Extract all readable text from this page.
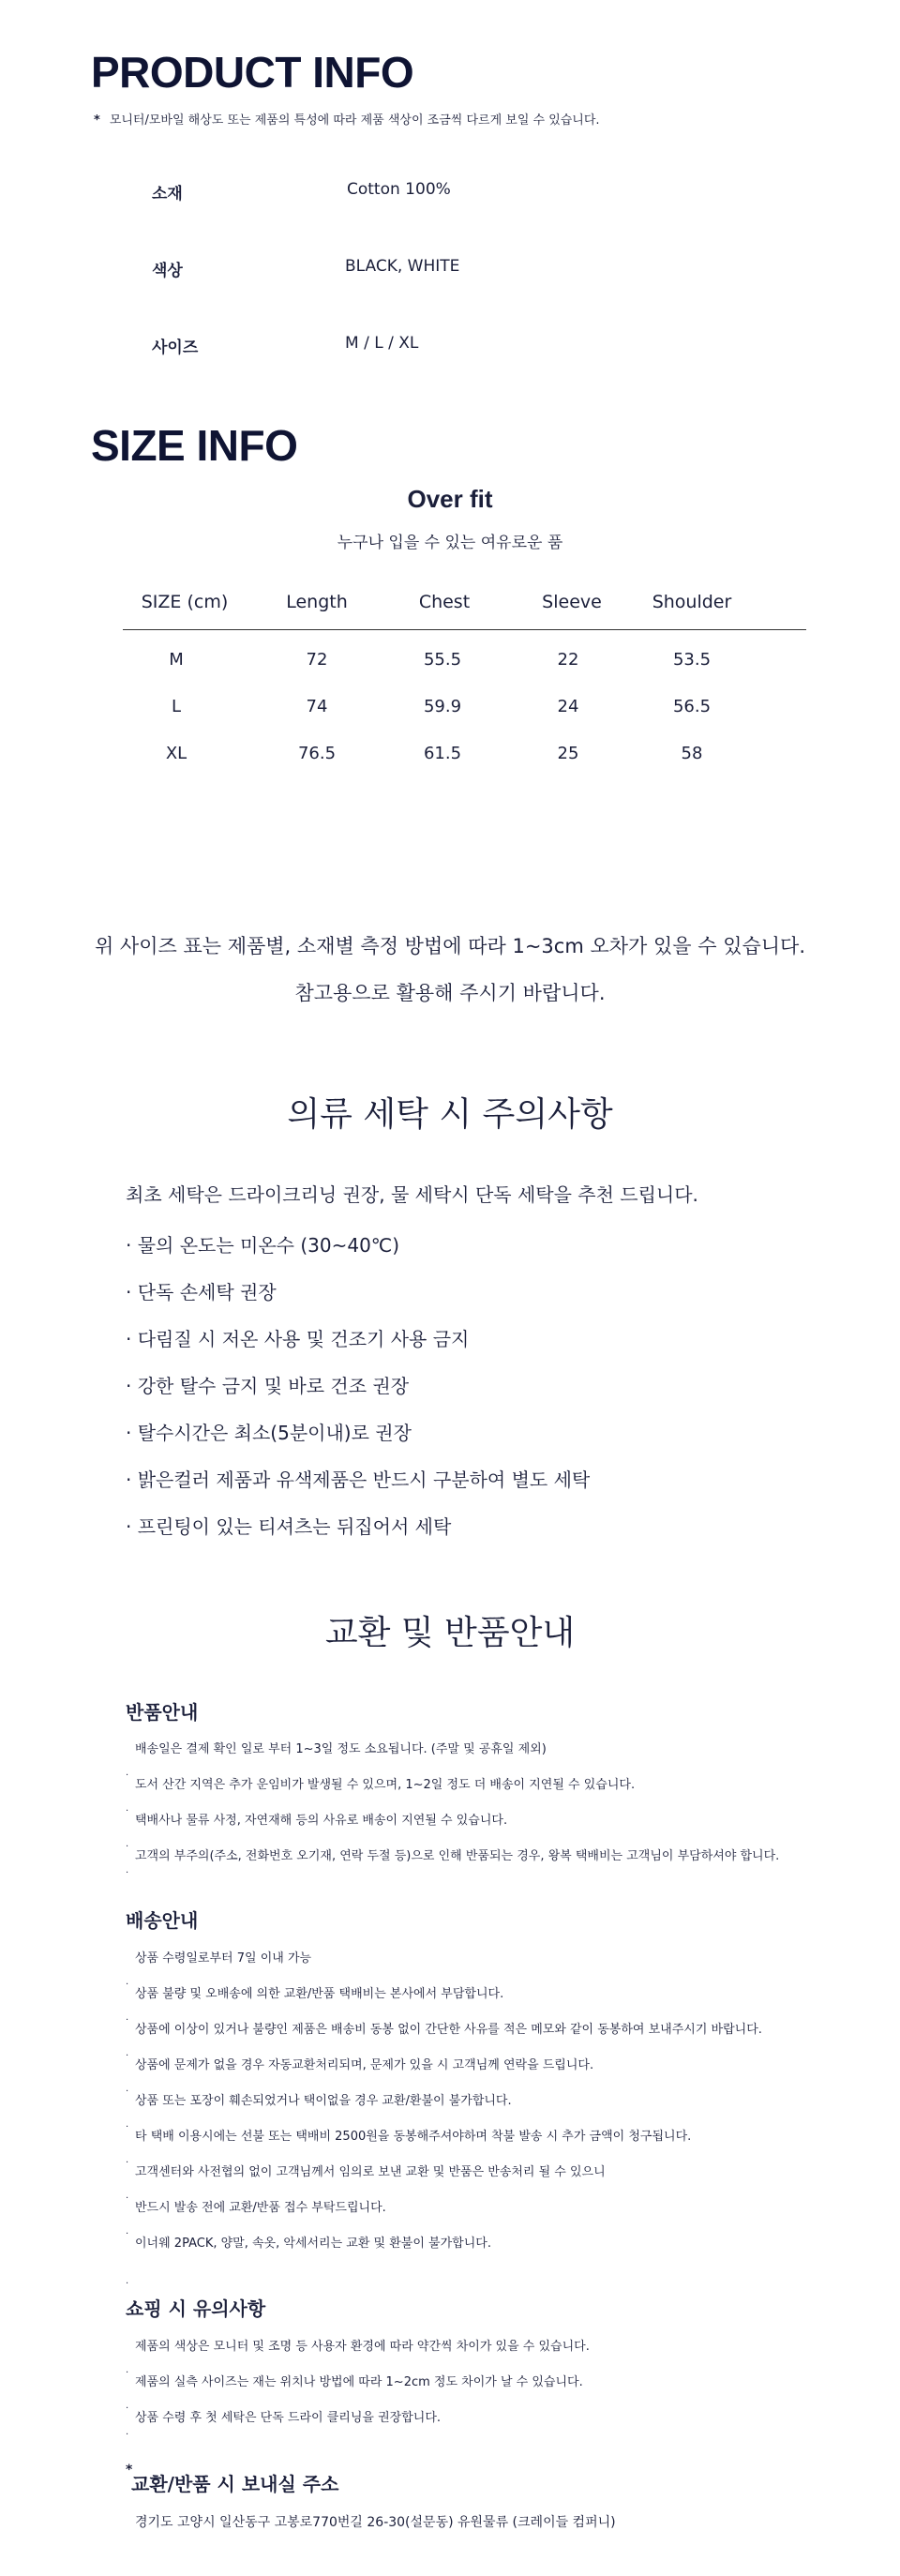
PRODUCT INFO
* 모니터/모바일 해상도 또는 제품의 특성에 따라 제품 색상이 조금씩 다르게 보일 수 있습니다.
소재	Cotton 100%
색상	BLACK, WHITE
사이즈	M / L / XL
SIZE INFO
Over fit
누구나 입을 수 있는 여유로운 품
SIZE (cm)	Length	Chest	Sleeve	Shoulder
M	72	55.5	22	53.5
L	74	59.9	24	56.5
XL	76.5	61.5	25	58
위 사이즈 표는 제품별, 소재별 측정 방법에 따라 1~3cm 오차가 있을 수 있습니다.
참고용으로 활용해 주시기 바랍니다.
의류 세탁 시 주의사항
최초 세탁은 드라이크리닝 권장, 물 세탁시 단독 세탁을 추천 드립니다.
· 물의 온도는 미온수 (30~40℃)
· 단독 손세탁 권장
· 다림질 시 저온 사용 및 건조기 사용 금지
· 강한 탈수 금지 및 바로 건조 권장
· 탈수시간은 최소(5분이내)로 권장
· 밝은컬러 제품과 유색제품은 반드시 구분하여 별도 세탁
· 프린팅이 있는 티셔츠는 뒤집어서 세탁
교환 및 반품안내
반품안내
배송일은 결제 확인 일로 부터 1~3일 정도 소요됩니다. (주말 및 공휴일 제외)
·
도서 산간 지역은 추가 운임비가 발생될 수 있으며, 1~2일 정도 더 배송이 지연될 수 있습니다.
·
택배사나 물류 사정, 자연재해 등의 사유로 배송이 지연될 수 있습니다.
·
고객의 부주의(주소, 전화번호 오기재, 연락 두절 등)으로 인해 반품되는 경우, 왕복 택배비는 고객님이 부담하셔야 합니다.
·
배송안내
상품 수령일로부터 7일 이내 가능
·
상품 불량 및 오배송에 의한 교환/반품 택배비는 본사에서 부담합니다.
·
상품에 이상이 있거나 불량인 제품은 배송비 동봉 없이 간단한 사유를 적은 메모와 같이 동봉하여 보내주시기 바랍니다.
·
상품에 문제가 없을 경우 자동교환처리되며, 문제가 있을 시 고객님께 연락을 드립니다.
·
상품 또는 포장이 훼손되었거나 택이없을 경우 교환/환불이 불가합니다.
·
타 택배 이용시에는 선불 또는 택배비 2500원을 동봉해주셔야하며 착불 발송 시 추가 금액이 청구됩니다.
·
고객센터와 사전협의 없이 고객님께서 임의로 보낸 교환 및 반품은 반송처리 될 수 있으니
·
반드시 발송 전에 교환/반품 접수 부탁드립니다.
·
이너웨 2PACK, 양말, 속옷, 악세서리는 교환 및 환불이 불가합니다.
·
쇼핑 시 유의사항
제품의 색상은 모니터 및 조명 등 사용자 환경에 따라 약간씩 차이가 있을 수 있습니다.
·
제품의 실측 사이즈는 재는 위치나 방법에 따라 1~2cm 정도 차이가 날 수 있습니다.
·
상품 수령 후 첫 세탁은 단독 드라이 클리닝을 권장합니다.
·
*
교환/반품 시 보내실 주소
경기도 고양시 일산동구 고봉로770번길 26-30(설문동) 유원물류 (크레이들 컴퍼니)
